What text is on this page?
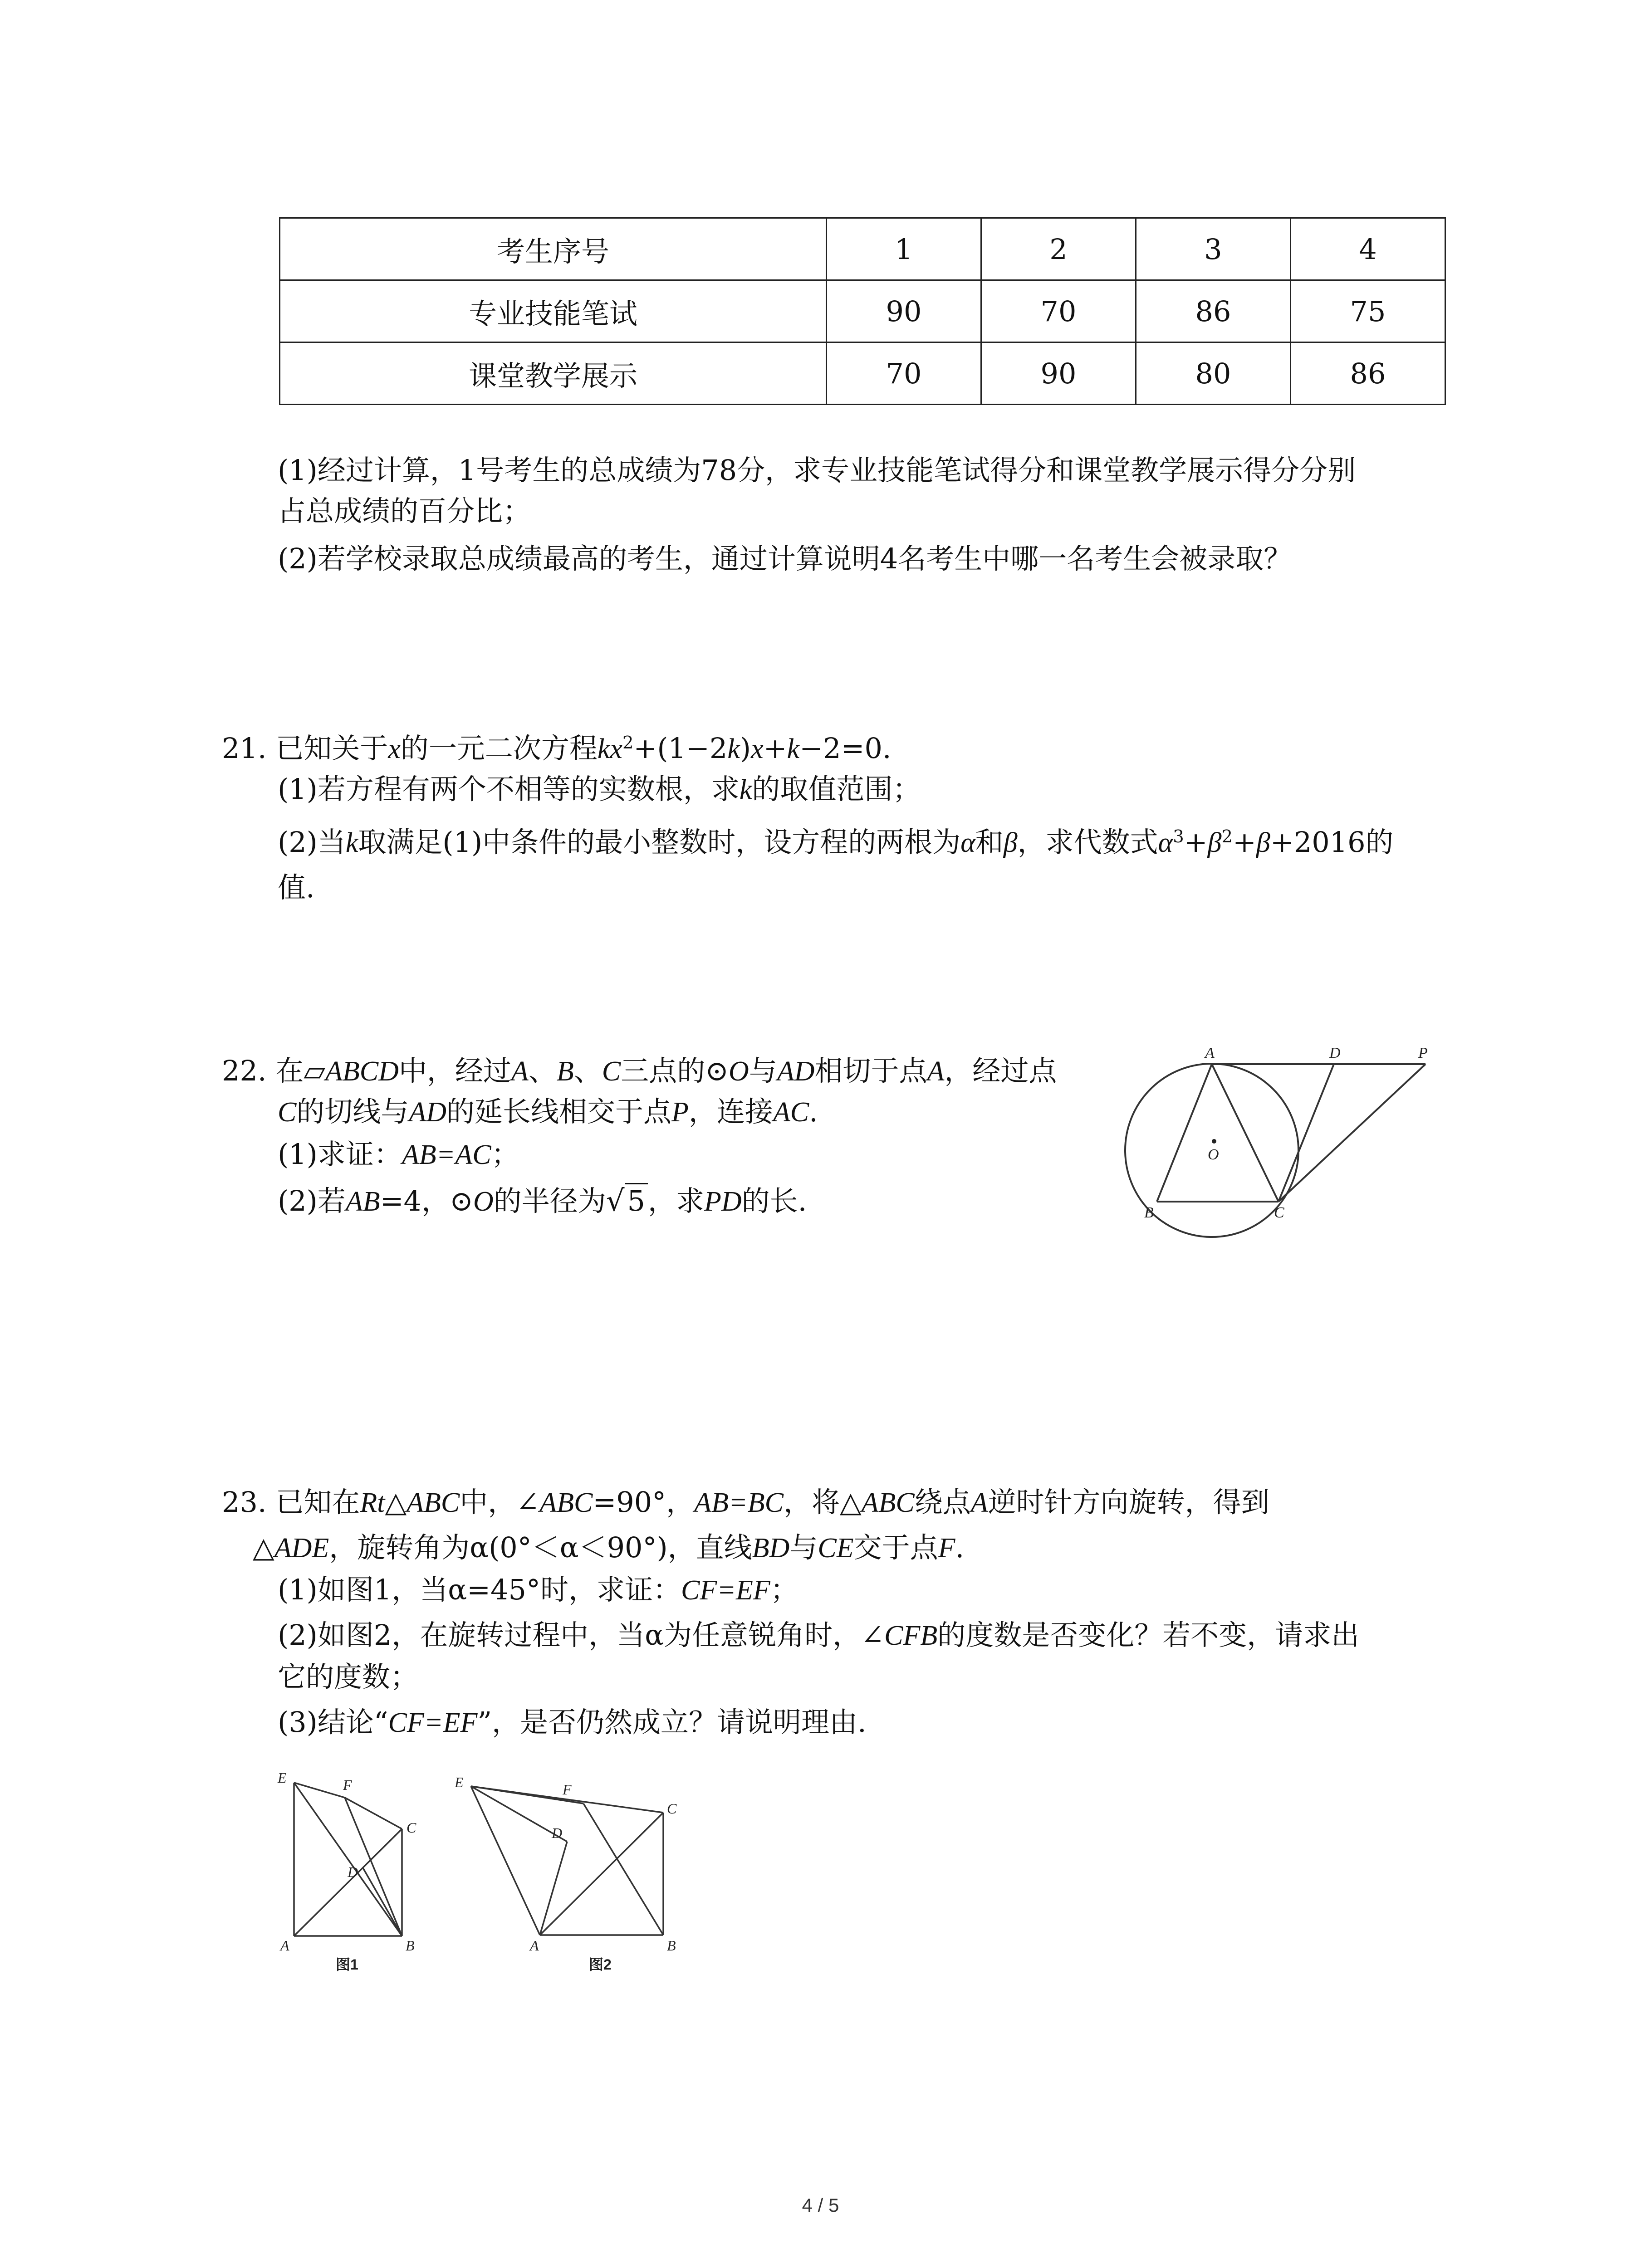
考生序号	1	2	3	4
专业技能笔试	90	70	86	75
课堂教学展示	70	90	80	86
(1)经过计算，1号考生的总成绩为78分，求专业技能笔试得分和课堂教学展示得分分别
占总成绩的百分比；
(2)若学校录取总成绩最高的考生，通过计算说明4名考生中哪一名考生会被录取？
21. 已知关于x的一元二次方程$kx^2+(1-2k)x+k-2=0$.
(1)若方程有两个不相等的实数根，求k的取值范围；
(2)当k取满足(1)中条件的最小整数时，设方程的两根为α和β，求代数式$\alpha^3+\beta^2+\beta+2016$的
值.
22. 在▱ABCD中，经过A、B、C三点的⊙O与AD相切于点A，经过点
C的切线与AD的延长线相交于点P，连接AC.
(1)求证：AB=AC；
(2)若AB=4，⊙O的半径为√5，求PD的长.
A	D	P
O
B	C
23. 已知在Rt△ABC中，∠ABC=90°，AB=BC，将△ABC绕点A逆时针方向旋转，得到
△ADE，旋转角为α(0°＜α＜90°)，直线BD与CE交于点F.
(1)如图1，当α=45°时，求证：CF=EF；
(2)如图2，在旋转过程中，当α为任意锐角时，∠CFB的度数是否变化？若不变，请求出
它的度数；
(3)结论“CF=EF”，是否仍然成立？请说明理由.
E	F
C
D
A	B
图1
E	F
C
D
A	B
图2
4 / 5
